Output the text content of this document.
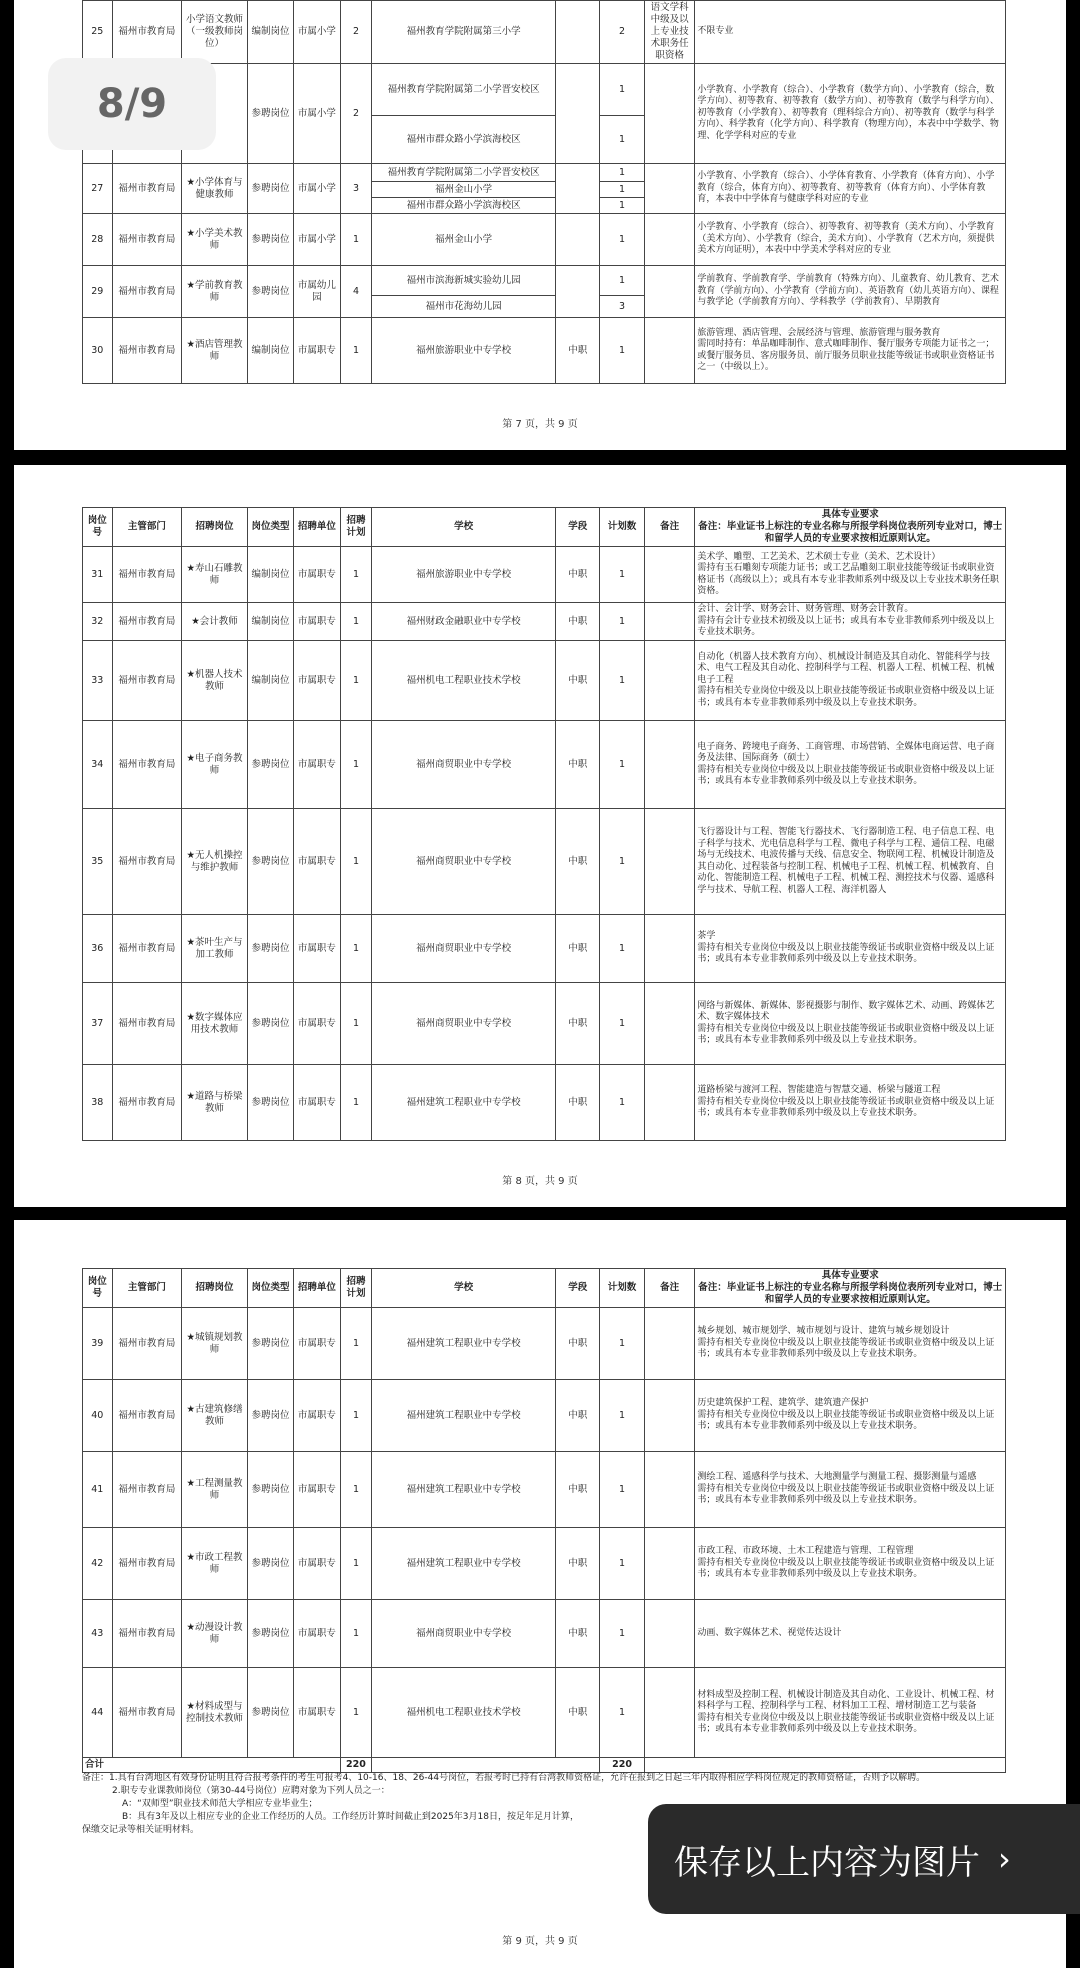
25	福州市教育局	小学语文教师（一级教师岗位）	编制岗位	市属小学	2	福州教育学院附属第三小学		2	语文学科中级及以上专业技术职务任职资格	不限专业
			参聘岗位	市属小学	2	福州教育学院附属第二小学晋安校区		1		小学教育、小学教育（综合）、小学教育（数学方向）、小学教育（综合，数学方向）、初等教育、初等教育（数学方向）、初等教育（数学与科学方向）、初等教育（小学教育）、初等教育（理科综合方向）、初等教育（数学与科学方向）、科学教育（化学方向）、科学教育（物理方向），本表中中学数学、物理、化学学科对应的专业
						福州市群众路小学滨海校区		1		
27	福州市教育局	★小学体育与健康教师	参聘岗位	市属小学	3	福州教育学院附属第二小学晋安校区		1		小学教育、小学教育（综合）、小学体育教育、小学教育（体育方向）、小学教育（综合，体育方向）、初等教育、初等教育（体育方向）、小学体育教育，本表中中学体育与健康学科对应的专业
						福州金山小学		1		
						福州市群众路小学滨海校区		1		
28	福州市教育局	★小学美术教师	参聘岗位	市属小学	1	福州金山小学		1		小学教育、小学教育（综合）、初等教育、初等教育（美术方向）、小学教育（美术方向）、小学教育（综合，美术方向）、小学教育（艺术方向，须提供美术方向证明），本表中中学美术学科对应的专业
29	福州市教育局	★学前教育教师	参聘岗位	市属幼儿园	4	福州市滨海新城实验幼儿园		1		学前教育、学前教育学、学前教育（特殊方向）、儿童教育、幼儿教育、艺术教育（学前方向）、小学教育（学前方向）、英语教育（幼儿英语方向）、课程与教学论（学前教育方向）、学科教学（学前教育）、早期教育
						福州市花海幼儿园		3		
30	福州市教育局	★酒店管理教师	编制岗位	市属职专	1	福州旅游职业中专学校	中职	1		旅游管理、酒店管理、会展经济与管理、旅游管理与服务教育
需同时持有：单品咖啡制作、意式咖啡制作、餐厅服务专项能力证书之一；或餐厅服务员、客房服务员、前厅服务员职业技能等级证书或职业资格证书之一（中级以上）。
第 7 页，共 9 页
岗位号	主管部门	招聘岗位	岗位类型	招聘单位	招聘计划	学校	学段	计划数	备注	具体专业要求
备注：毕业证书上标注的专业名称与所报学科岗位表所列专业对口，博士和留学人员的专业要求按相近原则认定。
31	福州市教育局	★寿山石雕教师	编制岗位	市属职专	1	福州旅游职业中专学校	中职	1		美术学、雕塑、工艺美术、艺术硕士专业（美术、艺术设计）
需持有玉石雕刻专项能力证书；或工艺品雕刻工职业技能等级证书或职业资格证书（高级以上）；或具有本专业非教师系列中级及以上专业技术职务任职资格。
32	福州市教育局	★会计教师	编制岗位	市属职专	1	福州财政金融职业中专学校	中职	1		会计、会计学、财务会计、财务管理、财务会计教育。
需持有会计专业技术初级及以上证书；或具有本专业非教师系列中级及以上专业技术职务。
33	福州市教育局	★机器人技术教师	编制岗位	市属职专	1	福州机电工程职业技术学校	中职	1		自动化（机器人技术教育方向）、机械设计制造及其自动化、智能科学与技术、电气工程及其自动化、控制科学与工程、机器人工程、机械工程、机械电子工程
需持有相关专业岗位中级及以上职业技能等级证书或职业资格中级及以上证书；或具有本专业非教师系列中级及以上专业技术职务。
34	福州市教育局	★电子商务教师	参聘岗位	市属职专	1	福州商贸职业中专学校	中职	1		电子商务、跨境电子商务、工商管理、市场营销、全媒体电商运营、电子商务及法律、国际商务（硕士）
需持有相关专业岗位中级及以上职业技能等级证书或职业资格中级及以上证书；或具有本专业非教师系列中级及以上专业技术职务。
35	福州市教育局	★无人机操控与维护教师	参聘岗位	市属职专	1	福州商贸职业中专学校	中职	1		飞行器设计与工程、智能飞行器技术、飞行器制造工程、电子信息工程、电子科学与技术、光电信息科学与工程、微电子科学与工程、通信工程、电磁场与无线技术、电波传播与天线、信息安全、物联网工程、机械设计制造及其自动化、过程装备与控制工程、机械电子工程、机械工程、机械教育、自动化、智能制造工程、机械电子工程、机械工程、测控技术与仪器、遥感科学与技术、导航工程、机器人工程、海洋机器人
36	福州市教育局	★茶叶生产与加工教师	参聘岗位	市属职专	1	福州商贸职业中专学校	中职	1		茶学
需持有相关专业岗位中级及以上职业技能等级证书或职业资格中级及以上证书；或具有本专业非教师系列中级及以上专业技术职务。
37	福州市教育局	★数字媒体应用技术教师	参聘岗位	市属职专	1	福州商贸职业中专学校	中职	1		网络与新媒体、新媒体、影视摄影与制作、数字媒体艺术、动画、跨媒体艺术、数字媒体技术
需持有相关专业岗位中级及以上职业技能等级证书或职业资格中级及以上证书；或具有本专业非教师系列中级及以上专业技术职务。
38	福州市教育局	★道路与桥梁教师	参聘岗位	市属职专	1	福州建筑工程职业中专学校	中职	1		道路桥梁与渡河工程、智能建造与智慧交通、桥梁与隧道工程
需持有相关专业岗位中级及以上职业技能等级证书或职业资格中级及以上证书；或具有本专业非教师系列中级及以上专业技术职务。
第 8 页，共 9 页
岗位号	主管部门	招聘岗位	岗位类型	招聘单位	招聘计划	学校	学段	计划数	备注	具体专业要求
备注：毕业证书上标注的专业名称与所报学科岗位表所列专业对口，博士和留学人员的专业要求按相近原则认定。
39	福州市教育局	★城镇规划教师	参聘岗位	市属职专	1	福州建筑工程职业中专学校	中职	1		城乡规划、城市规划学、城市规划与设计、建筑与城乡规划设计
需持有相关专业岗位中级及以上职业技能等级证书或职业资格中级及以上证书；或具有本专业非教师系列中级及以上专业技术职务。
40	福州市教育局	★古建筑修缮教师	参聘岗位	市属职专	1	福州建筑工程职业中专学校	中职	1		历史建筑保护工程、建筑学、建筑遗产保护
需持有相关专业岗位中级及以上职业技能等级证书或职业资格中级及以上证书；或具有本专业非教师系列中级及以上专业技术职务。
41	福州市教育局	★工程测量教师	参聘岗位	市属职专	1	福州建筑工程职业中专学校	中职	1		测绘工程、遥感科学与技术、大地测量学与测量工程、摄影测量与遥感
需持有相关专业岗位中级及以上职业技能等级证书或职业资格中级及以上证书；或具有本专业非教师系列中级及以上专业技术职务。
42	福州市教育局	★市政工程教师	参聘岗位	市属职专	1	福州建筑工程职业中专学校	中职	1		市政工程、市政环境、土木工程建造与管理、工程管理
需持有相关专业岗位中级及以上职业技能等级证书或职业资格中级及以上证书；或具有本专业非教师系列中级及以上专业技术职务。
43	福州市教育局	★动漫设计教师	参聘岗位	市属职专	1	福州商贸职业中专学校	中职	1		动画、数字媒体艺术、视觉传达设计
44	福州市教育局	★材料成型与控制技术教师	参聘岗位	市属职专	1	福州机电工程职业技术学校	中职	1		材料成型及控制工程、机械设计制造及其自动化、工业设计、机械工程、材料科学与工程、控制科学与工程、材料加工工程、增材制造工艺与装备
需持有相关专业岗位中级及以上职业技能等级证书或职业资格中级及以上证书；或具有本专业非教师系列中级及以上专业技术职务。
合计					220			220		
备注：1.具有台湾地区有效身份证明且符合报考条件的考生可报考4、10-16、18、26-44号岗位，若报考时已持有台湾教师资格证，允许在报到之日起三年内取得相应学科岗位规定的教师资格证，否则予以解聘。
2.职专专业课教师岗位（第30-44号岗位）应聘对象为下列人员之一：
A：“双师型”职业技术师范大学相应专业毕业生；
B：具有3年及以上相应专业的企业工作经历的人员。工作经历计算时间截止到2025年3月18日，按足年足月计算，
保缴交记录等相关证明材料。
第 9 页，共 9 页
8/9
保存以上内容为图片 ›
